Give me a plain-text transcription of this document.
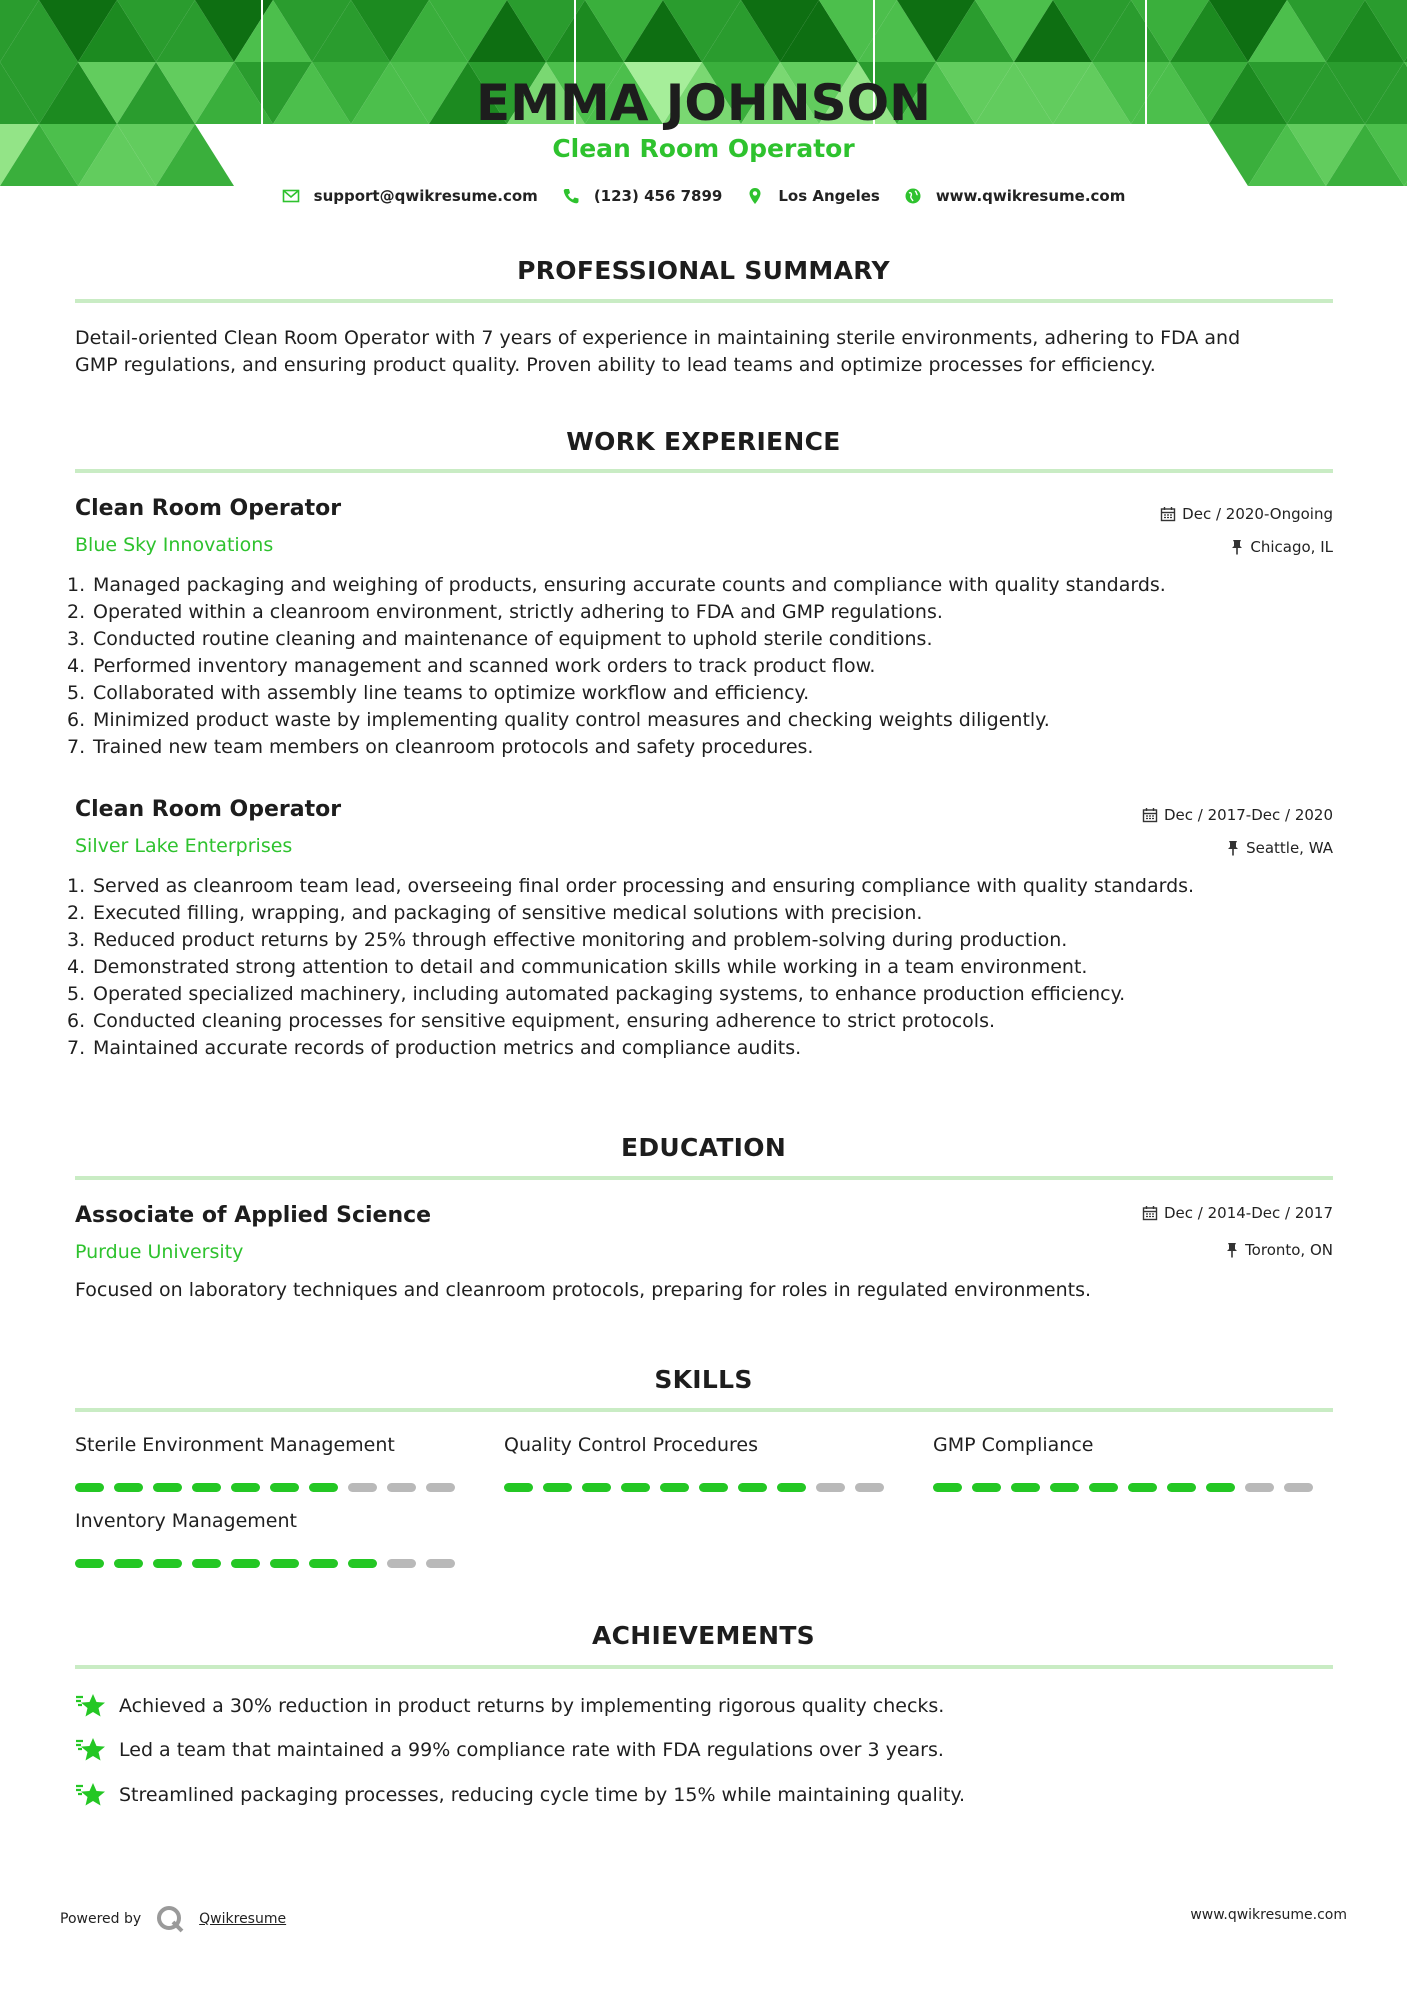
EMMA JOHNSON
Clean Room Operator
support@qwikresume.com	(123) 456 7899	Los Angeles	www.qwikresume.com
PROFESSIONAL SUMMARY
Detail-oriented Clean Room Operator with 7 years of experience in maintaining sterile environments, adhering to FDA and
GMP regulations, and ensuring product quality. Proven ability to lead teams and optimize processes for efficiency.
WORK EXPERIENCE
Clean Room Operator
Blue Sky Innovations
Dec / 2020-Ongoing
Chicago, IL
1. Managed packaging and weighing of products, ensuring accurate counts and compliance with quality standards.
2. Operated within a cleanroom environment, strictly adhering to FDA and GMP regulations.
3. Conducted routine cleaning and maintenance of equipment to uphold sterile conditions.
4. Performed inventory management and scanned work orders to track product flow.
5. Collaborated with assembly line teams to optimize workflow and efficiency.
6. Minimized product waste by implementing quality control measures and checking weights diligently.
7. Trained new team members on cleanroom protocols and safety procedures.
Clean Room Operator
Silver Lake Enterprises
Dec / 2017-Dec / 2020
Seattle, WA
1. Served as cleanroom team lead, overseeing final order processing and ensuring compliance with quality standards.
2. Executed filling, wrapping, and packaging of sensitive medical solutions with precision.
3. Reduced product returns by 25% through effective monitoring and problem-solving during production.
4. Demonstrated strong attention to detail and communication skills while working in a team environment.
5. Operated specialized machinery, including automated packaging systems, to enhance production efficiency.
6. Conducted cleaning processes for sensitive equipment, ensuring adherence to strict protocols.
7. Maintained accurate records of production metrics and compliance audits.
EDUCATION
Associate of Applied Science
Purdue University
Dec / 2014-Dec / 2017
Toronto, ON
Focused on laboratory techniques and cleanroom protocols, preparing for roles in regulated environments.
SKILLS
Sterile Environment Management	Quality Control Procedures	GMP Compliance
Inventory Management
ACHIEVEMENTS
Achieved a 30% reduction in product returns by implementing rigorous quality checks.
Led a team that maintained a 99% compliance rate with FDA regulations over 3 years.
Streamlined packaging processes, reducing cycle time by 15% while maintaining quality.
Powered by	Qwikresume	www.qwikresume.com
